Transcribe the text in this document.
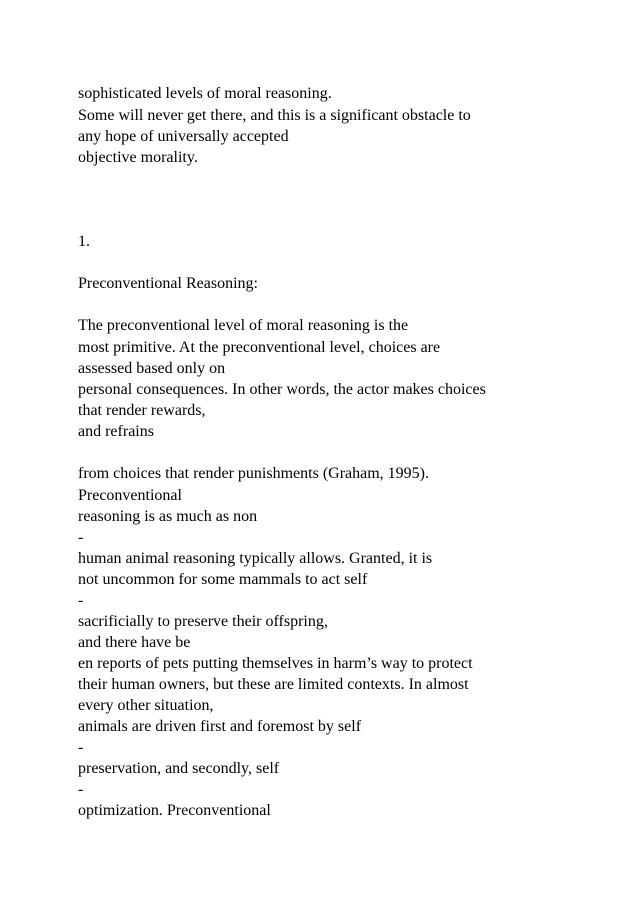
sophisticated levels of moral reasoning.

Some will never get there, and this is a significant obstacle to

any hope of universally accepted

objective morality.

1.

Preconventional Reasoning:

The preconventional level of moral reasoning is the

most primitive. At the preconventional level, choices are

assessed based only on

personal consequences. In other words, the actor makes choices

that render rewards,

and refrains

from choices that render punishments (Graham, 1995).

Preconventional

reasoning is as much as non

-

human animal reasoning typically allows. Granted, it is

not uncommon for some mammals to act self

-

sacrificially to preserve their offspring,

and there have be

en reports of pets putting themselves in harm’s way to protect

their human owners, but these are limited contexts. In almost

every other situation,

animals are driven first and foremost by self

-

preservation, and secondly, self

-

optimization. Preconventional
